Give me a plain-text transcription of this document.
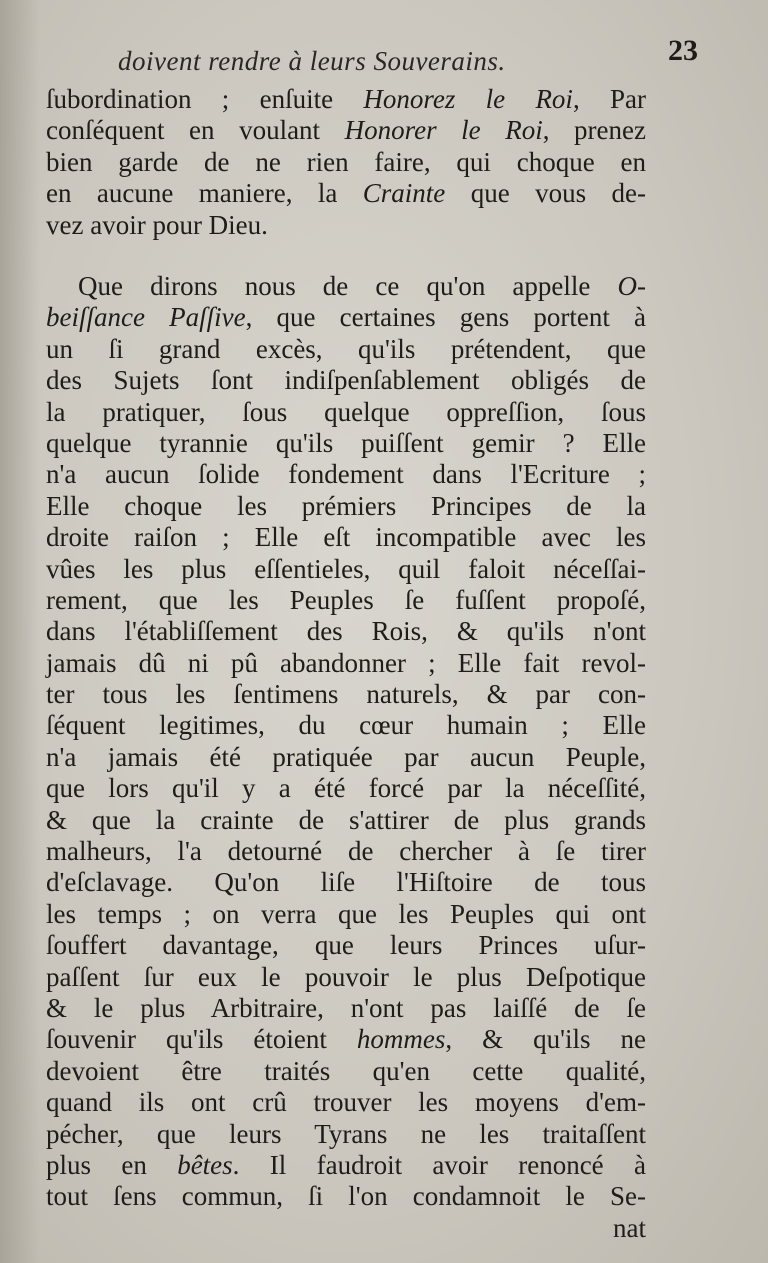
doivent rendre à leurs Souverains.	23
ſubordination ; enſuite Honorez le Roi, Par
conſéquent en voulant Honorer le Roi, prenez
bien garde de ne rien faire, qui choque en
en aucune maniere, la Crainte que vous de-
vez avoir pour Dieu.
Que dirons nous de ce qu'on appelle O-
beiſſance Paſſive, que certaines gens portent à
un ſi grand excès, qu'ils prétendent, que
des Sujets ſont indiſpenſablement obligés de
la pratiquer, ſous quelque oppreſſion, ſous
quelque tyrannie qu'ils puiſſent gemir ? Elle
n'a aucun ſolide fondement dans l'Ecriture ;
Elle choque les prémiers Principes de la
droite raiſon ; Elle eſt incompatible avec les
vûes les plus eſſentieles, quil faloit néceſſai-
rement, que les Peuples ſe fuſſent propoſé,
dans l'établiſſement des Rois, & qu'ils n'ont
jamais dû ni pû abandonner ; Elle fait revol-
ter tous les ſentimens naturels, & par con-
ſéquent legitimes, du cœur humain ; Elle
n'a jamais été pratiquée par aucun Peuple,
que lors qu'il y a été forcé par la néceſſité,
& que la crainte de s'attirer de plus grands
malheurs, l'a detourné de chercher à ſe tirer
d'eſclavage. Qu'on liſe l'Hiſtoire de tous
les temps ; on verra que les Peuples qui ont
ſouffert davantage, que leurs Princes uſur-
paſſent ſur eux le pouvoir le plus Deſpotique
& le plus Arbitraire, n'ont pas laiſſé de ſe
ſouvenir qu'ils étoient hommes, & qu'ils ne
devoient être traités qu'en cette qualité,
quand ils ont crû trouver les moyens d'em-
pécher, que leurs Tyrans ne les traitaſſent
plus en bêtes. Il faudroit avoir renoncé à
tout ſens commun, ſi l'on condamnoit le Se-
nat
